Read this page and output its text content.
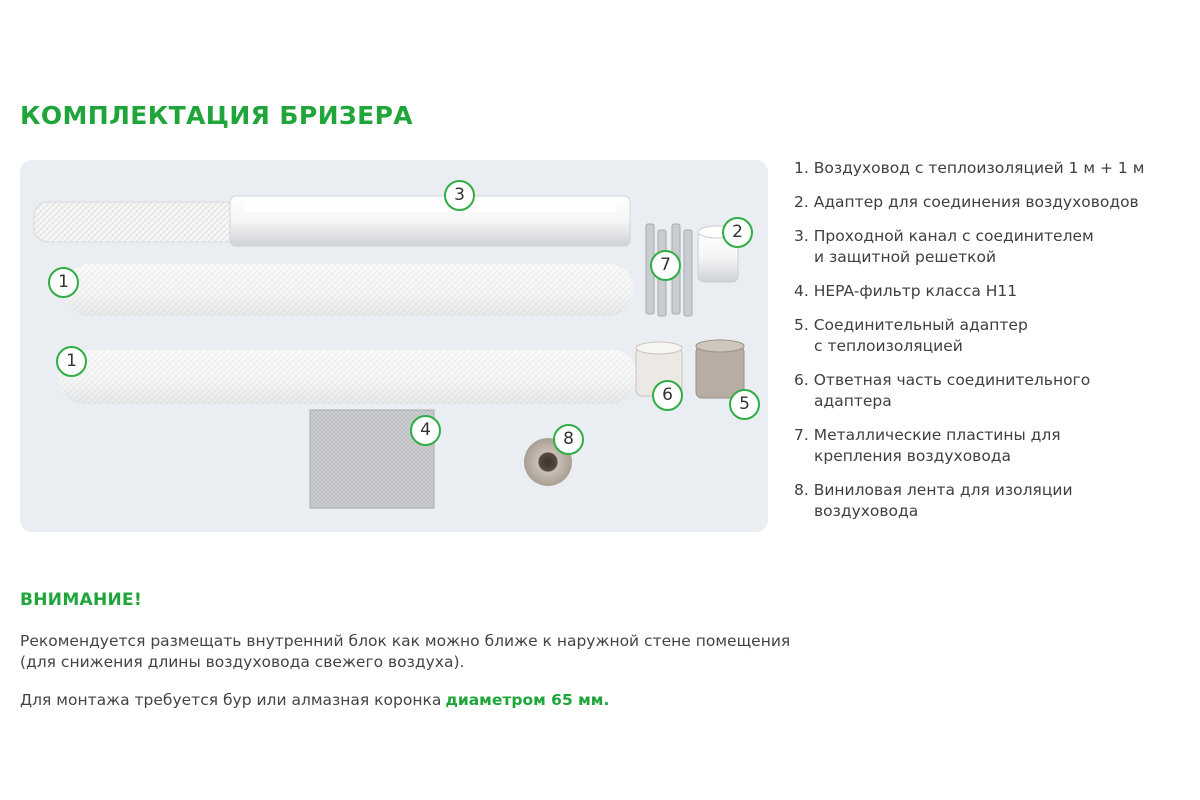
КОМПЛЕКТАЦИЯ БРИЗЕРА
3
2
7
1
1
6	5
4	8
1. Воздуховод с теплоизоляцией 1 м + 1 м
2. Адаптер для соединения воздуховодов
3. Проходной канал с соединителем
и защитной решеткой
4. HEPA-фильтр класса H11
5. Соединительный адаптер
с теплоизоляцией
6. Ответная часть соединительного
адаптера
7. Металлические пластины для
крепления воздуховода
8. Виниловая лента для изоляции
воздуховода
ВНИМАНИЕ!
Рекомендуется размещать внутренний блок как можно ближе к наружной стене помещения
(для снижения длины воздуховода свежего воздуха).
Для монтажа требуется бур или алмазная коронка диаметром 65 мм.
